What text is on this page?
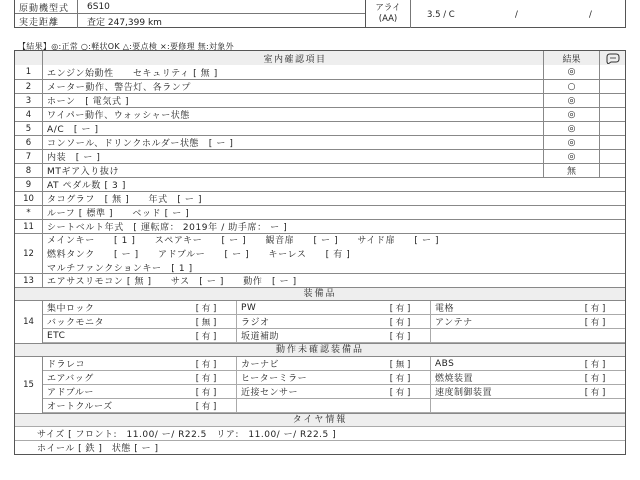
原動機型式	6S10
実走距離	査定 247,399 km
アライ
(AA)	3.5 / C	/	/
【結果】◎:正常 ○:軽状OK △:要点検 ×:要修理 無:対象外
室内確認項目	結果
1	エンジン始動性　　セキュリティ [ 無 ]	◎
2	メーター動作、警告灯、各ランプ	○
3	ホーン　[ 電気式 ]	◎
4	ワイパー動作、ウォッシャー状態	◎
5	A/C　[ ー ]	◎
6	コンソール、ドリンクホルダー状態　[ ー ]	◎
7	内装　[ ー ]	◎
8	MTギア入り抜け	無
9	AT ペダル数 [ 3 ]
10	タコグラフ　[ 無 ]　　年式　[ ー ]
*	ルーフ [ 標準 ]　　ベッド [ ー ]
11	シートベルト年式　[ 運転席： 2019年 / 助手席： ー ]
12
メインキー　　[ 1 ]　　スペアキー　　[ ー ]　　観音扉　　[ ー ]　　サイド扉　　[ ー ]
燃料タンク　　[ ー ]　　アドブルー　　[ ー ]　　キーレス　　[ 有 ]
マルチファンクションキー　[ 1 ]
13	エアサスリモコン [ 無 ]　　サス　[ ー ]　　動作　[ ー ]
装備品
14
集中ロック	[ 有 ]	PW	[ 有 ]	電格	[ 有 ]
バックモニタ	[ 無 ]	ラジオ	[ 有 ]	アンテナ	[ 有 ]
ETC	[ 有 ]	坂道補助	[ 有 ]
動作未確認装備品
15
ドラレコ	[ 有 ]	カーナビ	[ 無 ]	ABS	[ 有 ]
エアバッグ	[ 有 ]	ヒーターミラー	[ 有 ]	燃焼装置	[ 有 ]
アドブルー	[ 有 ]	近接センサー	[ 有 ]	速度制御装置	[ 有 ]
オートクルーズ	[ 有 ]
タイヤ情報
サイズ [ フロント:　11.00/ ー/ R22.5　リア:　11.00/ ー/ R22.5 ]
ホイール [ 鉄 ]　状態 [ ー ]
